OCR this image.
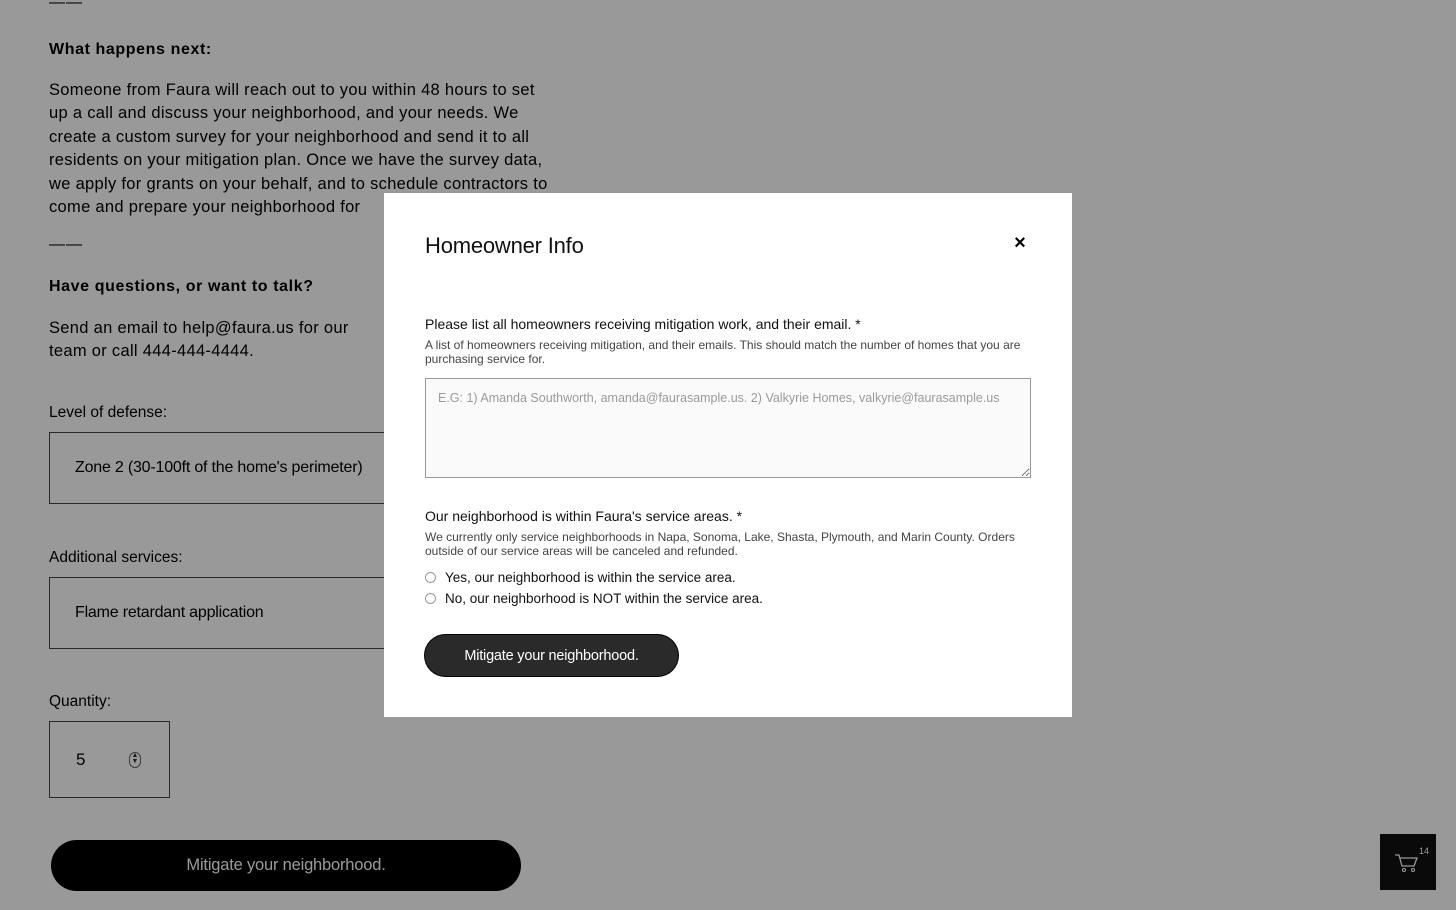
——
What happens next:
Someone from Faura will reach out to you within 48 hours to set up a call and discuss your neighborhood, and your needs. We create a custom survey for your neighborhood and send it to all residents on your mitigation plan. Once we have the survey data, we apply for grants on your behalf, and to schedule contractors to come and prepare your neighborhood for
——
Have questions, or want to talk?
Send an email to help@faura.us for our team or call 444-444-4444.
Level of defense:
Zone 2 (30-100ft of the home's perimeter)
Additional services:
Flame retardant application
Quantity:
5	▲
▼
Mitigate your neighborhood.
14
Homeowner Info	×
Please list all homeowners receiving mitigation work, and their email. *
A list of homeowners receiving mitigation, and their emails. This should match the number of homes that you are purchasing service for.
E.G: 1) Amanda Southworth, amanda@faurasample.us. 2) Valkyrie Homes, valkyrie@faurasample.us
Our neighborhood is within Faura's service areas. *
We currently only service neighborhoods in Napa, Sonoma, Lake, Shasta, Plymouth, and Marin County. Orders outside of our service areas will be canceled and refunded.
Yes, our neighborhood is within the service area.
No, our neighborhood is NOT within the service area.
Mitigate your neighborhood.
